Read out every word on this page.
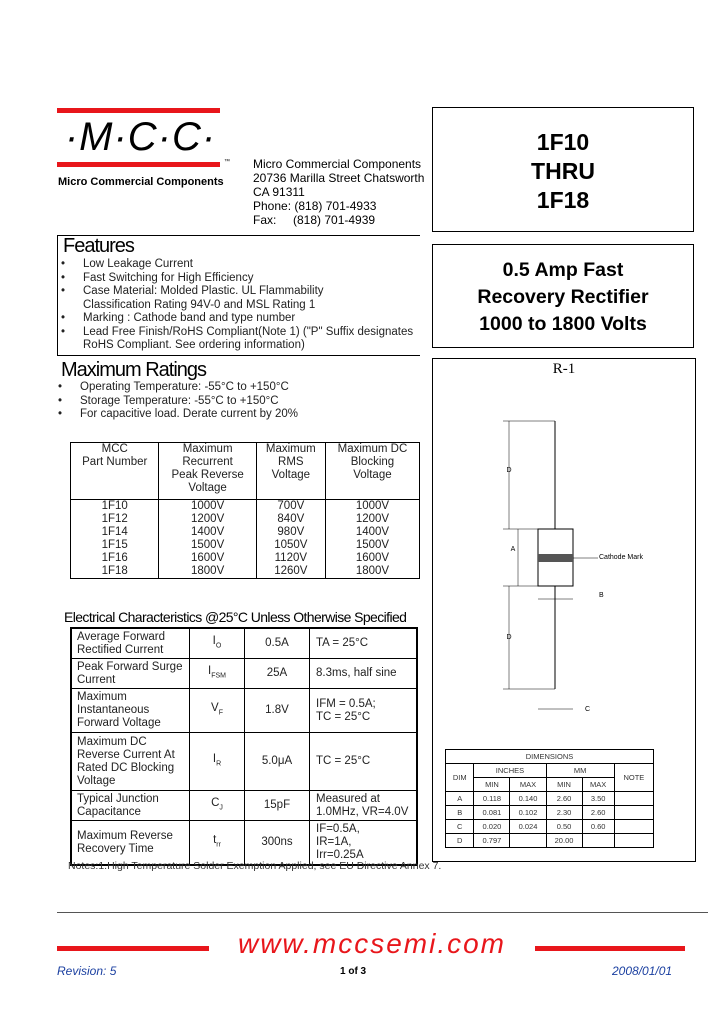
·M·C·C·
™
Micro Commercial Components
Micro Commercial Components
20736 Marilla Street Chatsworth
CA 91311
Phone: (818) 701-4933
Fax:     (818) 701-4939
1F10
THRU
1F18
0.5 Amp Fast
Recovery Rectifier
1000 to 1800 Volts
Features
• Low Leakage Current
• Fast Switching for High Efficiency
• Case Material: Molded Plastic. UL Flammability
Classification Rating 94V-0 and MSL Rating 1
• Marking : Cathode band and type number
• Lead Free Finish/RoHS Compliant(Note 1) ("P" Suffix designates
RoHS Compliant. See ordering information)
Maximum Ratings
• Operating Temperature: -55°C to +150°C
• Storage Temperature: -55°C to +150°C
• For capacitive load. Derate current by 20%
MCC
Part Number	Maximum
Recurrent
Peak Reverse
Voltage	Maximum
RMS
Voltage	Maximum DC
Blocking
Voltage
1F10	1000V	700V	1000V
1F12	1200V	840V	1200V
1F14	1400V	980V	1400V
1F15	1500V	1050V	1500V
1F16	1600V	1120V	1600V
1F18	1800V	1260V	1800V
Electrical Characteristics @25°C Unless Otherwise Specified
Average Forward
Rectified Current	$I_O$	0.5A	TA = 25°C
Peak Forward Surge
Current	$I_{FSM}$	25A	8.3ms, half sine
Maximum
Instantaneous
Forward Voltage	$V_F$	1.8V	IFM = 0.5A;
TC = 25°C
Maximum DC
Reverse Current At
Rated DC Blocking
Voltage	$I_R$	5.0μA	TC = 25°C
Typical Junction
Capacitance	$C_J$	15pF	Measured at
1.0MHz, VR=4.0V
Maximum Reverse
Recovery Time	$t_{rr}$	300ns	IF=0.5A,
IR=1A,
Irr=0.25A
Notes:1.High Temperature Solder Exemption Applied, see EU Directive Annex 7.
R-1
D
A
B
D
C
Cathode Mark
DIMENSIONS					
DIM	INCHES		MM		NOTE
	MIN	MAX	MIN	MAX	
A	0.118	0.140	2.60	3.50	
B	0.081	0.102	2.30	2.60	
C	0.020	0.024	0.50	0.60	
D	0.797		20.00		
www.mccsemi.com
Revision: 5	1 of 3	2008/01/01
